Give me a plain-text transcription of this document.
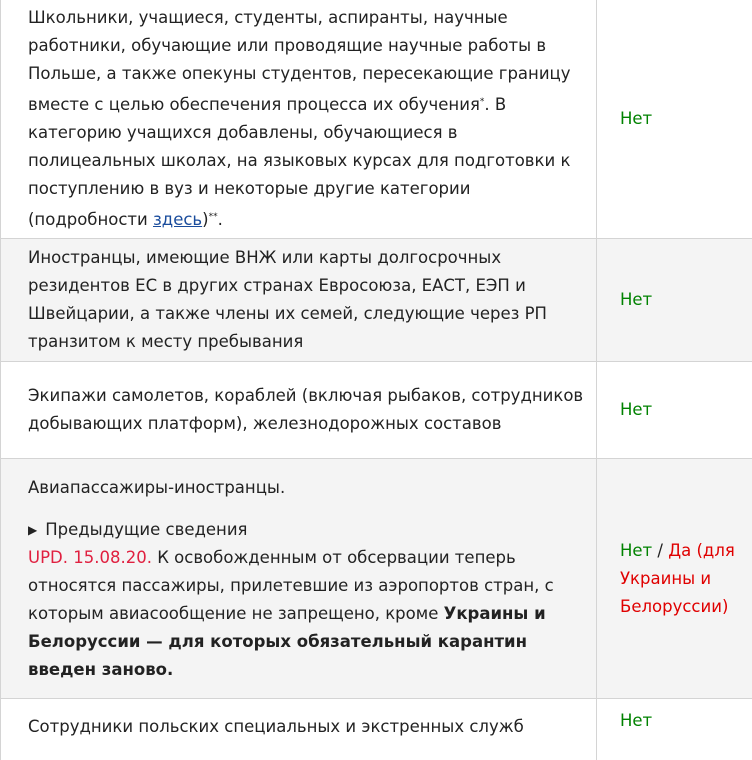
Школьники, учащиеся, студенты, аспиранты, научные работники, обучающие или проводящие научные работы в Польше, а также опекуны студентов, пересекающие границу вместе с целью обеспечения процесса их обучения*. В категорию учащихся добавлены, обучающиеся в полицеальных школах, на языковых курсах для подготовки к поступлению в вуз и некоторые другие категории (подробности здесь)**.	Нет
Иностранцы, имеющие ВНЖ или карты долгосрочных резидентов ЕС в других странах Евросоюза, ЕАСТ, ЕЭП и Швейцарии, а также члены их семей, следующие через РП транзитом к месту пребывания	Нет
Экипажи самолетов, кораблей (включая рыбаков, сотрудников добывающих платформ), железнодорожных составов	Нет

Авиапассажиры-иностранцы.
▶ Предыдущие сведения
UPD. 15.08.20. К освобожденным от обсервации теперь относятся пассажиры, прилетевшие из аэропортов стран, с которым авиасообщение не запрещено, кроме Украины и Белоруссии — для которых обязательный карантин введен заново.	Нет / Да (для Украины и Белоруссии)
Сотрудники польских специальных и экстренных служб	Нет
